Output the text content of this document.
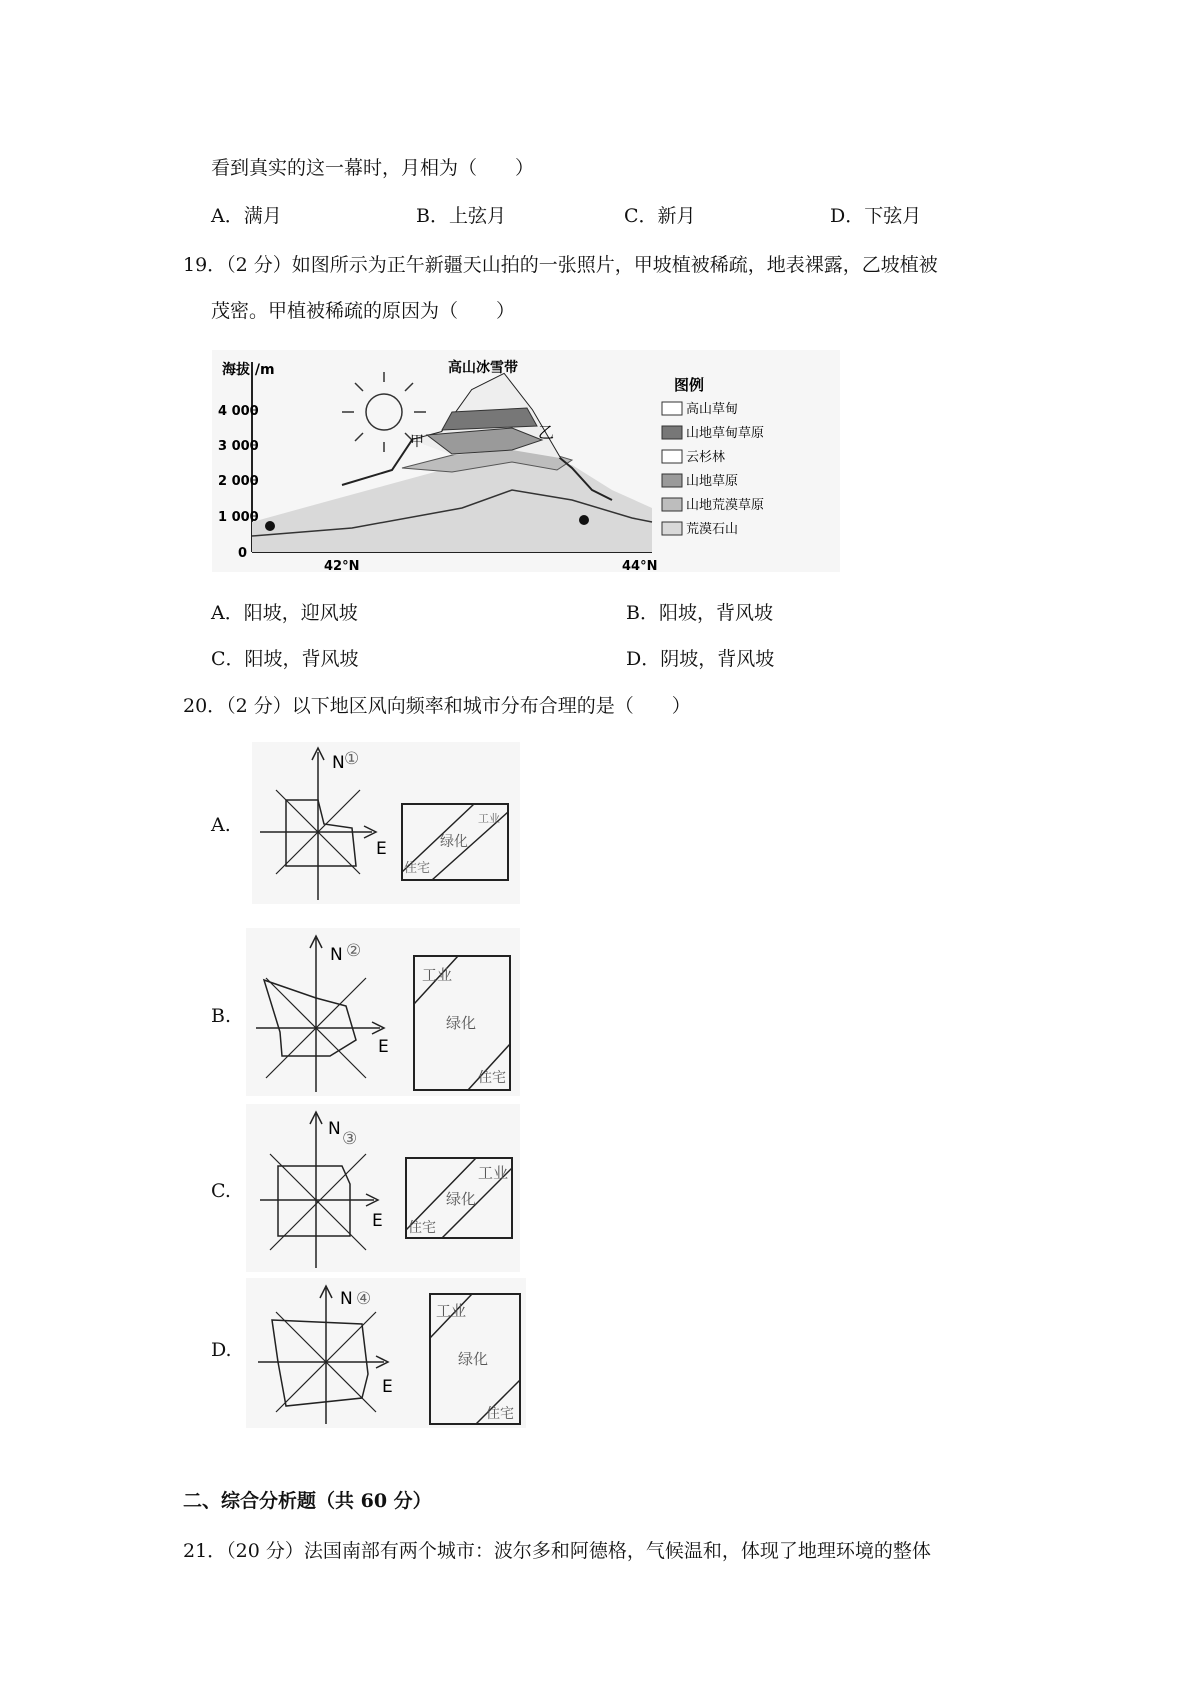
看到真实的这一幕时，月相为（　　）
A．满月	B．上弦月	C．新月	D．下弦月
19．（2 分）如图所示为正午新疆天山拍的一张照片，甲坡植被稀疏，地表裸露，乙坡植被
茂密。甲植被稀疏的原因为（　　）
海拔 /m
4 000
3 000
2 000
1 000
0
42°N	44°N
高山冰雪带
甲	乙
图例
高山草甸
山地草甸草原
云杉林
山地草原
山地荒漠草原
荒漠石山
A．阳坡，迎风坡	B．阳坡，背风坡
C．阳坡，背风坡	D．阴坡，背风坡
20．（2 分）以下地区风向频率和城市分布合理的是（　　）
A.
N
E
①
工业
绿化
住宅
B.
N
E
②
工业
绿化
住宅
C.
N
E
③
工业
绿化
住宅
D.
N
E
④
工业
绿化
住宅
二、综合分析题（共 60 分）
21．（20 分）法国南部有两个城市：波尔多和阿德格，气候温和，体现了地理环境的整体
